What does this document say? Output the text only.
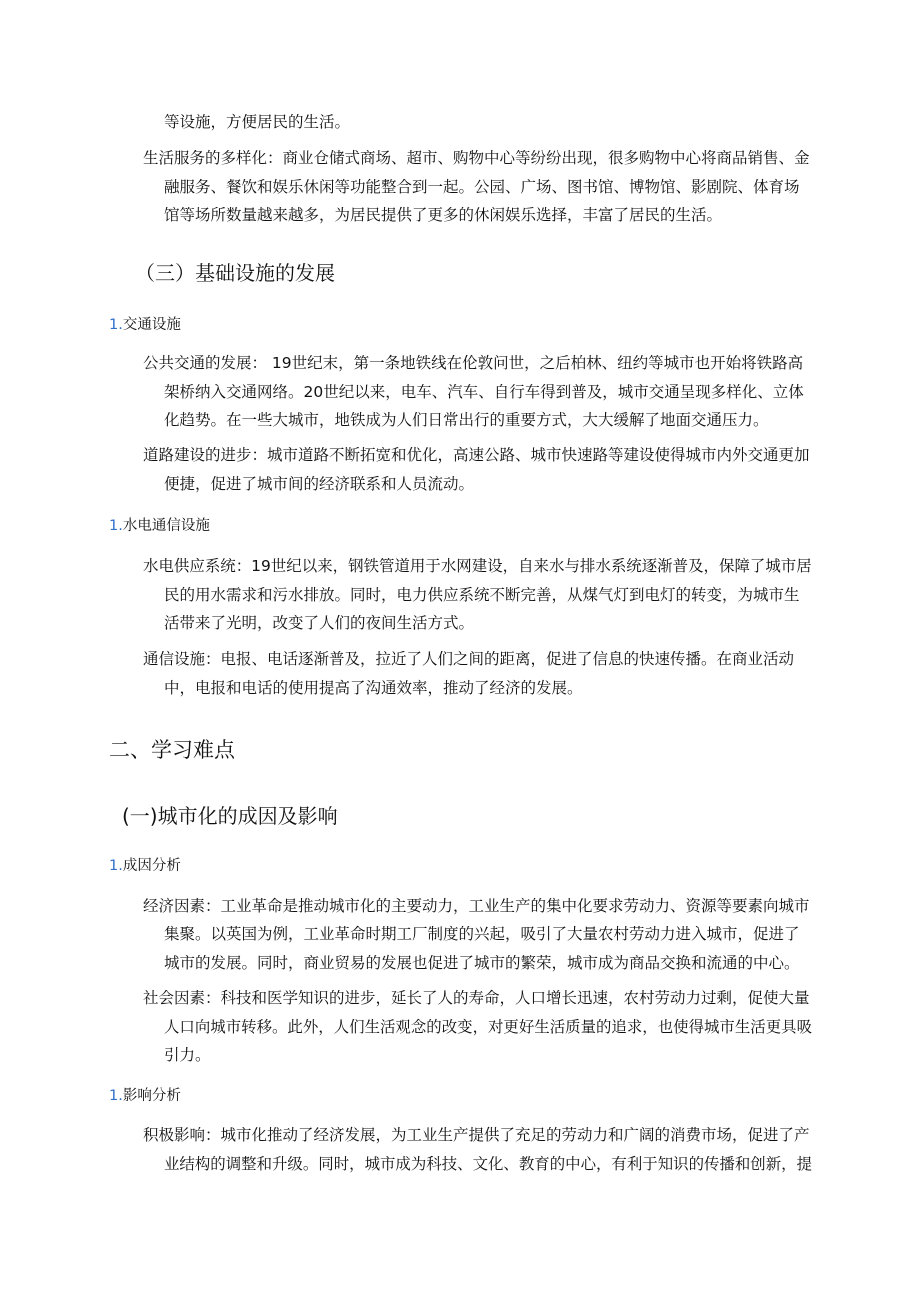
等设施，方便居民的生活。
生活服务的多样化：商业仓储式商场、超市、购物中心等纷纷出现，很多购物中心将商品销售、金
融服务、餐饮和娱乐休闲等功能整合到一起。公园、广场、图书馆、博物馆、影剧院、体育场
馆等场所数量越来越多，为居民提供了更多的休闲娱乐选择，丰富了居民的生活。
（三）基础设施的发展
1.交通设施
公共交通的发展： 19世纪末，第一条地铁线在伦敦问世，之后柏林、纽约等城市也开始将铁路高
架桥纳入交通网络。20世纪以来，电车、汽车、自行车得到普及，城市交通呈现多样化、立体
化趋势。在一些大城市，地铁成为人们日常出行的重要方式，大大缓解了地面交通压力。
道路建设的进步：城市道路不断拓宽和优化，高速公路、城市快速路等建设使得城市内外交通更加
便捷，促进了城市间的经济联系和人员流动。
1.水电通信设施
水电供应系统：19世纪以来，钢铁管道用于水网建设，自来水与排水系统逐渐普及，保障了城市居
民的用水需求和污水排放。同时，电力供应系统不断完善，从煤气灯到电灯的转变，为城市生
活带来了光明，改变了人们的夜间生活方式。
通信设施：电报、电话逐渐普及，拉近了人们之间的距离，促进了信息的快速传播。在商业活动
中，电报和电话的使用提高了沟通效率，推动了经济的发展。
二、学习难点
(一)城市化的成因及影响
1.成因分析
经济因素：工业革命是推动城市化的主要动力，工业生产的集中化要求劳动力、资源等要素向城市
集聚。以英国为例，工业革命时期工厂制度的兴起，吸引了大量农村劳动力进入城市，促进了
城市的发展。同时，商业贸易的发展也促进了城市的繁荣，城市成为商品交换和流通的中心。
社会因素：科技和医学知识的进步，延长了人的寿命，人口增长迅速，农村劳动力过剩，促使大量
人口向城市转移。此外，人们生活观念的改变，对更好生活质量的追求，也使得城市生活更具吸
引力。
1.影响分析
积极影响：城市化推动了经济发展，为工业生产提供了充足的劳动力和广阔的消费市场，促进了产
业结构的调整和升级。同时，城市成为科技、文化、教育的中心，有利于知识的传播和创新，提
